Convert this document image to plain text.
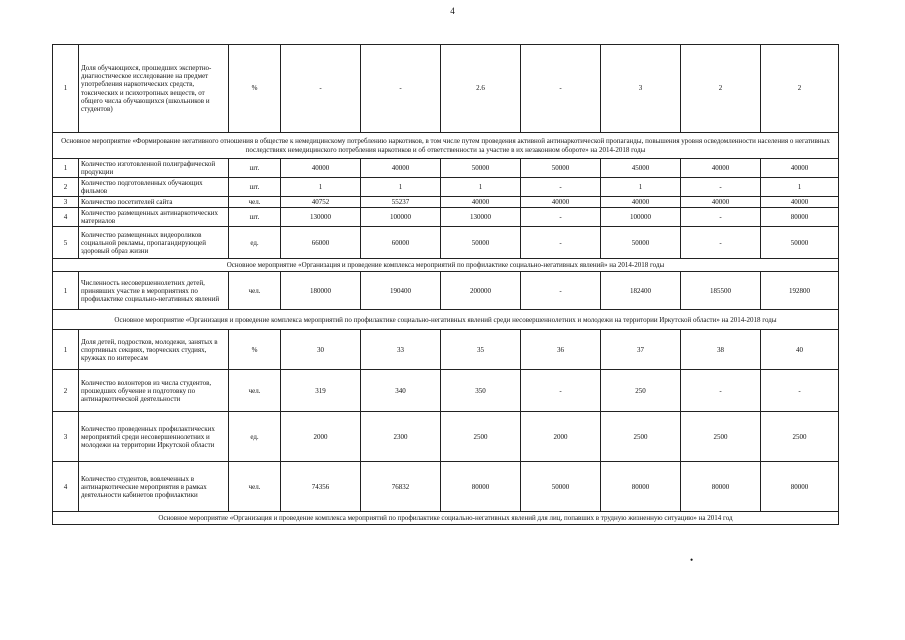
4
1	Доля обучающихся, прошедших экспертно-диагностическое исследование на предмет употребления наркотических средств, токсических и психотропных веществ, от общего числа обучающихся (школьников и студентов)	%	-	-	2.6	-	3	2	2
Основное мероприятие «Формирование негативного отношения в обществе к немедицинскому потреблению наркотиков, в том числе путем проведения активной антинаркотической пропаганды, повышения уровня осведомленности населения о негативных последствиях немедицинского потребления наркотиков и об ответственности за участие в их незаконном обороте» на 2014-2018 годы									
1	Количество изготовленной полиграфической продукции	шт.	40000	40000	50000	50000	45000	40000	40000
2	Количество подготовленных обучающих фильмов	шт.	1	1	1	-	1	-	1
3	Количество посетителей сайта	чел.	40752	55237	40000	40000	40000	40000	40000
4	Количество размещенных антинаркотических материалов	шт.	130000	100000	130000	-	100000	-	80000
5	Количество размещенных видеороликов социальной рекламы, пропагандирующей здоровый образ жизни	ед.	66000	60000	50000	-	50000	-	50000
Основное мероприятие «Организация и проведение комплекса мероприятий по профилактике социально-негативных явлений» на 2014-2018 годы									
1	Численность несовершеннолетних детей, принявших участие в мероприятиях по профилактике социально-негативных явлений	чел.	180000	190400	200000	-	182400	185500	192800
Основное мероприятие «Организация и проведение комплекса мероприятий по профилактике социально-негативных явлений среди несовершеннолетних и молодежи на территории Иркутской области» на 2014-2018 годы									
1	Доля детей, подростков, молодежи, занятых в спортивных секциях, творческих студиях, кружках по интересам	%	30	33	35	36	37	38	40
2	Количество волонтеров из числа студентов, прошедших обучение и подготовку по антинаркотической деятельности	чел.	319	340	350	-	250	-	-
3	Количество проведенных профилактических мероприятий среди несовершеннолетних и молодежи на территории Иркутской области	ед.	2000	2300	2500	2000	2500	2500	2500
4	Количество студентов, вовлеченных в антинаркотические мероприятия в рамках деятельности кабинетов профилактики	чел.	74356	76832	80000	50000	80000	80000	80000
Основное мероприятие «Организация и проведение комплекса мероприятий по профилактике социально-негативных явлений для лиц, попавших в трудную жизненную ситуацию» на 2014 год									
•
